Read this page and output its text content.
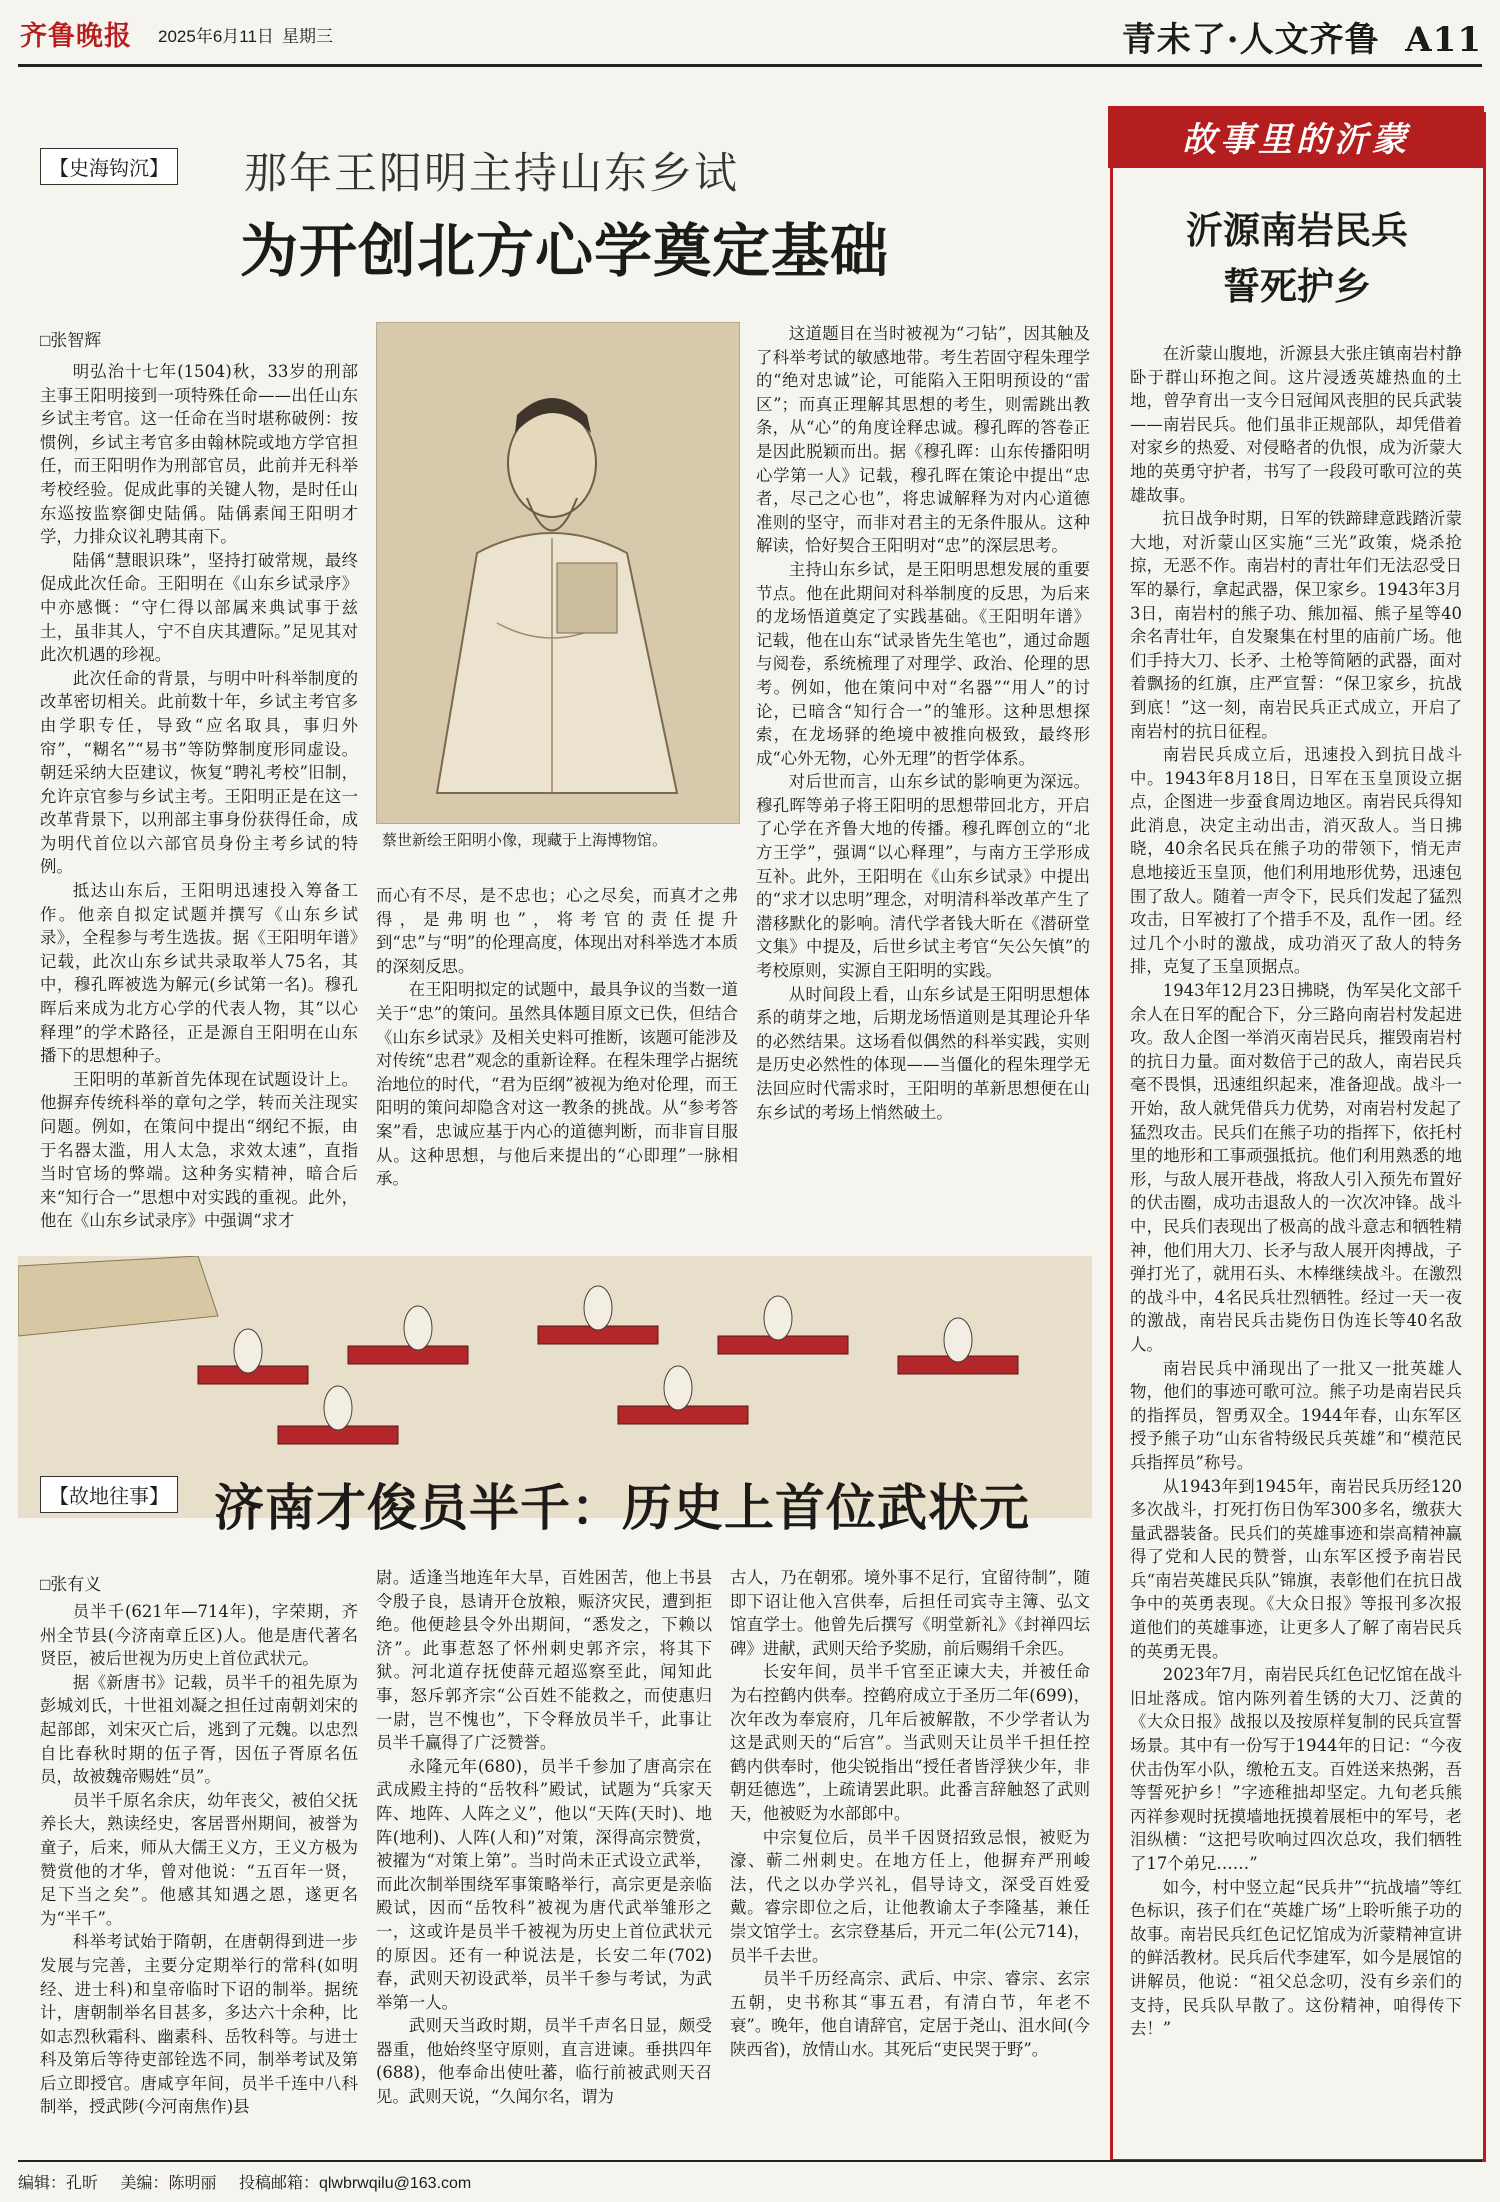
齐鲁晚报 2025年6月11日 星期三	青未了·人文齐鲁  A11
【史海钩沉】 那年王阳明主持山东乡试
为开创北方心学奠定基础
□张智辉

明弘治十七年(1504)秋，33岁的刑部主事王阳明接到一项特殊任命——出任山东乡试主考官。这一任命在当时堪称破例：按惯例，乡试主考官多由翰林院或地方学官担任，而王阳明作为刑部官员，此前并无科举考校经验。促成此事的关键人物，是时任山东巡按监察御史陆偁。陆偁素闻王阳明才学，力排众议礼聘其南下。

陆偁“慧眼识珠”，坚持打破常规，最终促成此次任命。王阳明在《山东乡试录序》中亦感慨：“守仁得以部属来典试事于兹土，虽非其人，宁不自庆其遭际。”足见其对此次机遇的珍视。

此次任命的背景，与明中叶科举制度的改革密切相关。此前数十年，乡试主考官多由学职专任，导致“应名取具，事归外帘”，“糊名”“易书”等防弊制度形同虚设。朝廷采纳大臣建议，恢复“聘礼考校”旧制，允许京官参与乡试主考。王阳明正是在这一改革背景下，以刑部主事身份获得任命，成为明代首位以六部官员身份主考乡试的特例。

抵达山东后，王阳明迅速投入筹备工作。他亲自拟定试题并撰写《山东乡试录》，全程参与考生选拔。据《王阳明年谱》记载，此次山东乡试共录取举人75名，其中，穆孔晖被选为解元(乡试第一名)。穆孔晖后来成为北方心学的代表人物，其“以心释理”的学术路径，正是源自王阳明在山东播下的思想种子。

王阳明的革新首先体现在试题设计上。他摒弃传统科举的章句之学，转而关注现实问题。例如，在策问中提出“纲纪不振，由于名器太滥，用人太急，求效太速”，直指当时官场的弊端。这种务实精神，暗合后来“知行合一”思想中对实践的重视。此外，他在《山东乡试录序》中强调“求才

蔡世新绘王阳明小像，现藏于上海博物馆。

而心有不尽，是不忠也；心之尽矣，而真才之弗得，是弗明也”，将考官的责任提升到“忠”与“明”的伦理高度，体现出对科举选才本质的深刻反思。

在王阳明拟定的试题中，最具争议的当数一道关于“忠”的策问。虽然具体题目原文已佚，但结合《山东乡试录》及相关史料可推断，该题可能涉及对传统“忠君”观念的重新诠释。在程朱理学占据统治地位的时代，“君为臣纲”被视为绝对伦理，而王阳明的策问却隐含对这一教条的挑战。从“参考答案”看，忠诚应基于内心的道德判断，而非盲目服从。这种思想，与他后来提出的“心即理”一脉相承。

这道题目在当时被视为“刁钻”，因其触及了科举考试的敏感地带。考生若固守程朱理学的“绝对忠诚”论，可能陷入王阳明预设的“雷区”；而真正理解其思想的考生，则需跳出教条，从“心”的角度诠释忠诚。穆孔晖的答卷正是因此脱颖而出。据《穆孔晖：山东传播阳明心学第一人》记载，穆孔晖在策论中提出“忠者，尽己之心也”，将忠诚解释为对内心道德准则的坚守，而非对君主的无条件服从。这种解读，恰好契合王阳明对“忠”的深层思考。

主持山东乡试，是王阳明思想发展的重要节点。他在此期间对科举制度的反思，为后来的龙场悟道奠定了实践基础。《王阳明年谱》记载，他在山东“试录皆先生笔也”，通过命题与阅卷，系统梳理了对理学、政治、伦理的思考。例如，他在策问中对“名器”“用人”的讨论，已暗含“知行合一”的雏形。这种思想探索，在龙场驿的绝境中被推向极致，最终形成“心外无物，心外无理”的哲学体系。

对后世而言，山东乡试的影响更为深远。穆孔晖等弟子将王阳明的思想带回北方，开启了心学在齐鲁大地的传播。穆孔晖创立的“北方王学”，强调“以心释理”，与南方王学形成互补。此外，王阳明在《山东乡试录》中提出的“求才以忠明”理念，对明清科举改革产生了潜移默化的影响。清代学者钱大昕在《潜研堂文集》中提及，后世乡试主考官“矢公矢慎”的考校原则，实源自王阳明的实践。

从时间段上看，山东乡试是王阳明思想体系的萌芽之地，后期龙场悟道则是其理论升华的必然结果。这场看似偶然的科举实践，实则是历史必然性的体现——当僵化的程朱理学无法回应时代需求时，王阳明的革新思想便在山东乡试的考场上悄然破土。

【故地往事】 济南才俊员半千：历史上首位武状元
□张有义

员半千(621年—714年)，字荣期，齐州全节县(今济南章丘区)人。他是唐代著名贤臣，被后世视为历史上首位武状元。

据《新唐书》记载，员半千的祖先原为彭城刘氏，十世祖刘凝之担任过南朝刘宋的起部郎，刘宋灭亡后，逃到了元魏。以忠烈自比春秋时期的伍子胥，因伍子胥原名伍员，故被魏帝赐姓“员”。

员半千原名余庆，幼年丧父，被伯父抚养长大，熟读经史，客居晋州期间，被誉为童子，后来，师从大儒王义方，王义方极为赞赏他的才华，曾对他说：“五百年一贤，足下当之矣”。他感其知遇之恩，遂更名为“半千”。

科举考试始于隋朝，在唐朝得到进一步发展与完善，主要分定期举行的常科(如明经、进士科)和皇帝临时下诏的制举。据统计，唐朝制举名目甚多，多达六十余种，比如志烈秋霜科、幽素科、岳牧科等。与进士科及第后等待吏部铨选不同，制举考试及第后立即授官。唐咸亨年间，员半千连中八科制举，授武陟(今河南焦作)县

尉。适逢当地连年大旱，百姓困苦，他上书县令殷子良，恳请开仓放粮，赈济灾民，遭到拒绝。他便趁县令外出期间，“悉发之，下赖以济”。此事惹怒了怀州刺史郭齐宗，将其下狱。河北道存抚使薛元超巡察至此，闻知此事，怒斥郭齐宗“公百姓不能救之，而使惠归一尉，岂不愧也”，下令释放员半千，此事让员半千赢得了广泛赞誉。

永隆元年(680)，员半千参加了唐高宗在武成殿主持的“岳牧科”殿试，试题为“兵家天阵、地阵、人阵之义”，他以“天阵(天时)、地阵(地利)、人阵(人和)”对策，深得高宗赞赏，被擢为“对策上第”。当时尚未正式设立武举，而此次制举围绕军事策略举行，高宗更是亲临殿试，因而“岳牧科”被视为唐代武举雏形之一，这或许是员半千被视为历史上首位武状元的原因。还有一种说法是，长安二年(702)春，武则天初设武举，员半千参与考试，为武举第一人。

武则天当政时期，员半千声名日显，颇受器重，他始终坚守原则，直言进谏。垂拱四年(688)，他奉命出使吐蕃，临行前被武则天召见。武则天说，“久闻尔名，谓为

古人，乃在朝邪。境外事不足行，宜留待制”，随即下诏让他入宫供奉，后担任司宾寺主簿、弘文馆直学士。他曾先后撰写《明堂新礼》《封禅四坛碑》进献，武则天给予奖励，前后赐绢千余匹。

长安年间，员半千官至正谏大夫，并被任命为右控鹤内供奉。控鹤府成立于圣历二年(699)，次年改为奉宸府，几年后被解散，不少学者认为这是武则天的“后宫”。当武则天让员半千担任控鹤内供奉时，他尖锐指出“授任者皆浮狭少年，非朝廷德选”，上疏请罢此职。此番言辞触怒了武则天，他被贬为水部郎中。

中宗复位后，员半千因贤招致忌恨，被贬为濠、蕲二州刺史。在地方任上，他摒弃严刑峻法，代之以办学兴礼，倡导诗文，深受百姓爱戴。睿宗即位之后，让他教谕太子李隆基，兼任崇文馆学士。玄宗登基后，开元二年(公元714)，员半千去世。

员半千历经高宗、武后、中宗、睿宗、玄宗五朝，史书称其“事五君，有清白节，年老不衰”。晚年，他自请辞官，定居于尧山、沮水间(今陕西省)，放情山水。其死后“吏民哭于野”。

故事里的沂蒙
沂源南岩民兵
誓死护乡

在沂蒙山腹地，沂源县大张庄镇南岩村静卧于群山环抱之间。这片浸透英雄热血的土地，曾孕育出一支今日冠闻风丧胆的民兵武装——南岩民兵。他们虽非正规部队，却凭借着对家乡的热爱、对侵略者的仇恨，成为沂蒙大地的英勇守护者，书写了一段段可歌可泣的英雄故事。

抗日战争时期，日军的铁蹄肆意践踏沂蒙大地，对沂蒙山区实施“三光”政策，烧杀抢掠，无恶不作。南岩村的青壮年们无法忍受日军的暴行，拿起武器，保卫家乡。1943年3月3日，南岩村的熊子功、熊加福、熊子星等40余名青壮年，自发聚集在村里的庙前广场。他们手持大刀、长矛、土枪等简陋的武器，面对着飘扬的红旗，庄严宣誓：“保卫家乡，抗战到底！”这一刻，南岩民兵正式成立，开启了南岩村的抗日征程。

南岩民兵成立后，迅速投入到抗日战斗中。1943年8月18日，日军在玉皇顶设立据点，企图进一步蚕食周边地区。南岩民兵得知此消息，决定主动出击，消灭敌人。当日拂晓，40余名民兵在熊子功的带领下，悄无声息地接近玉皇顶，他们利用地形优势，迅速包围了敌人。随着一声令下，民兵们发起了猛烈攻击，日军被打了个措手不及，乱作一团。经过几个小时的激战，成功消灭了敌人的特务排，克复了玉皇顶据点。

1943年12月23日拂晓，伪军吴化文部千余人在日军的配合下，分三路向南岩村发起进攻。敌人企图一举消灭南岩民兵，摧毁南岩村的抗日力量。面对数倍于己的敌人，南岩民兵毫不畏惧，迅速组织起来，准备迎战。战斗一开始，敌人就凭借兵力优势，对南岩村发起了猛烈攻击。民兵们在熊子功的指挥下，依托村里的地形和工事顽强抵抗。他们利用熟悉的地形，与敌人展开巷战，将敌人引入预先布置好的伏击圈，成功击退敌人的一次次冲锋。战斗中，民兵们表现出了极高的战斗意志和牺牲精神，他们用大刀、长矛与敌人展开肉搏战，子弹打光了，就用石头、木棒继续战斗。在激烈的战斗中，4名民兵壮烈牺牲。经过一天一夜的激战，南岩民兵击毙伤日伪连长等40名敌人。

南岩民兵中涌现出了一批又一批英雄人物，他们的事迹可歌可泣。熊子功是南岩民兵的指挥员，智勇双全。1944年春，山东军区授予熊子功“山东省特级民兵英雄”和“模范民兵指挥员”称号。

从1943年到1945年，南岩民兵历经120多次战斗，打死打伤日伪军300多名，缴获大量武器装备。民兵们的英雄事迹和崇高精神赢得了党和人民的赞誉，山东军区授予南岩民兵“南岩英雄民兵队”锦旗，表彰他们在抗日战争中的英勇表现。《大众日报》等报刊多次报道他们的英雄事迹，让更多人了解了南岩民兵的英勇无畏。

2023年7月，南岩民兵红色记忆馆在战斗旧址落成。馆内陈列着生锈的大刀、泛黄的《大众日报》战报以及按原样复制的民兵宣誓场景。其中有一份写于1944年的日记：“今夜伏击伪军小队，缴枪五支。百姓送来热粥，吾等誓死护乡！”字迹稚拙却坚定。九旬老兵熊丙祥参观时抚摸墙地抚摸着展柜中的军号，老泪纵横：“这把号吹响过四次总攻，我们牺牲了17个弟兄……”

如今，村中竖立起“民兵井”“抗战墙”等红色标识，孩子们在“英雄广场”上聆听熊子功的故事。南岩民兵红色记忆馆成为沂蒙精神宣讲的鲜活教材。民兵后代李建军，如今是展馆的讲解员，他说：“祖父总念叨，没有乡亲们的支持，民兵队早散了。这份精神，咱得传下去！”

编辑：孔昕 美编：陈明丽 投稿邮箱：qlwbrwqilu@163.com
